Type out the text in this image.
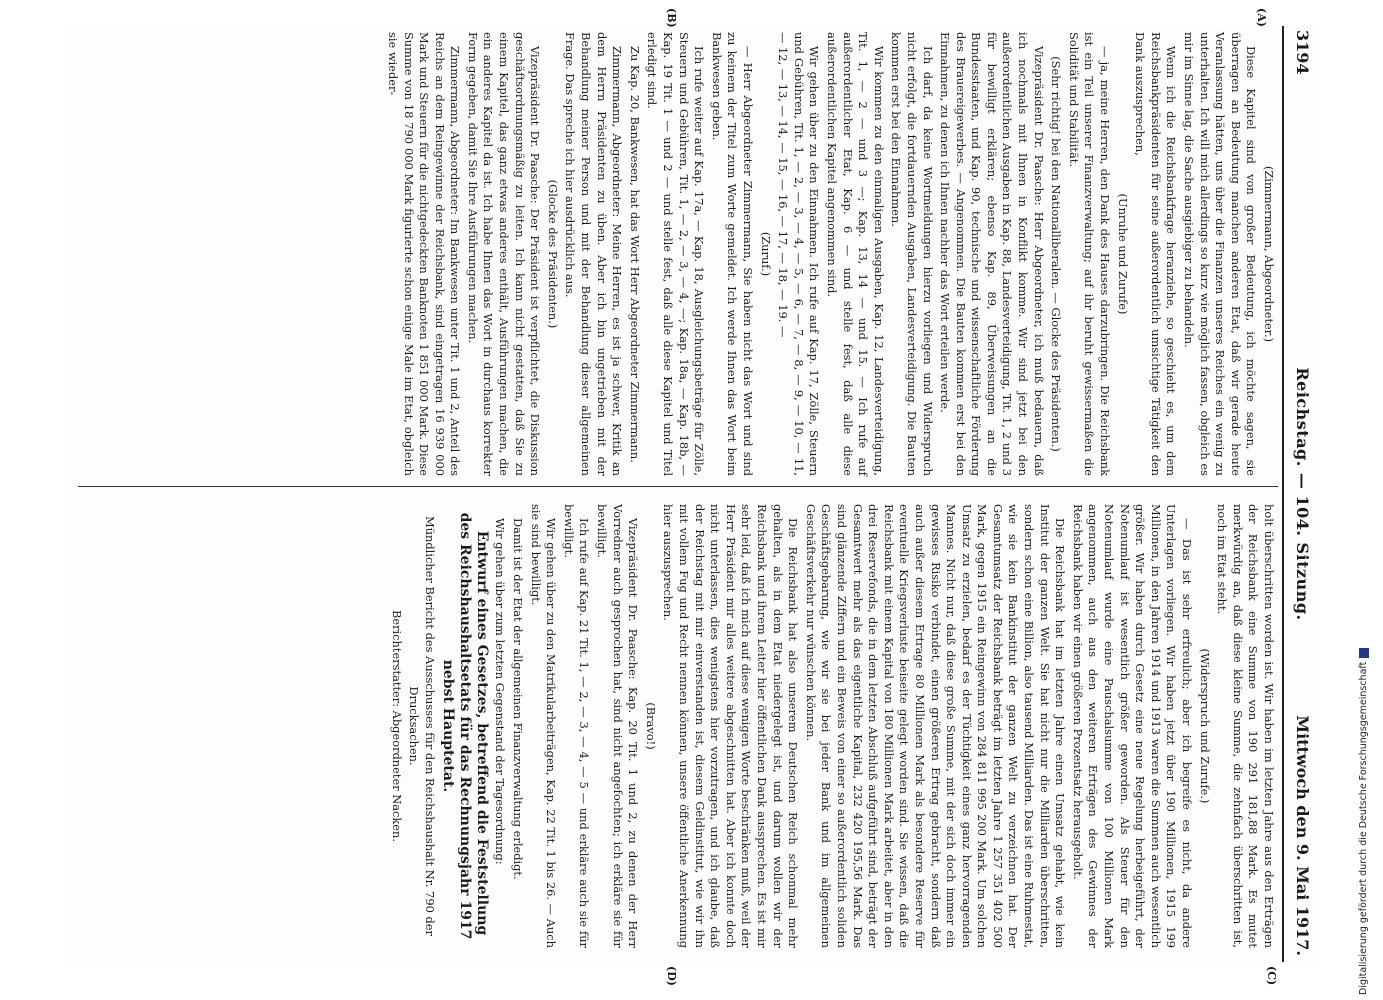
3194
Reichstag. — 104. Sitzung.
Mittwoch den 9. Mai 1917.
(A)
(B)
(C)
(D)

(Zimmermann, Abgeordneter.)

Diese Kapitel sind von großer Bedeutung, ich möchte sagen, sie überragen an Bedeutung manchen anderen Etat, daß wir gerade heute Veranlassung hätten, uns über die Finanzen unseres Reiches ein wenig zu unterhalten. Ich will mich allerdings so kurz wie möglich fassen, obgleich es mir im Sinne lag, die Sache ausgiebiger zu behandeln.

Wenn ich die Reichsbankfrage heranziehe, so geschieht es, um dem Reichsbankpräsidenten für seine außerordentlich umsichtige Tätigkeit den Dank auszusprechen,

(Unruhe und Zurufe)

— ja, meine Herren, den Dank des Hauses darzubringen. Die Reichsbank ist ein Teil unserer Finanzverwaltung; auf ihr beruht gewissermaßen die Solidität und Stabilität.

(Sehr richtig! bei den Nationalliberalen. — Glocke des Präsidenten.)

Vizepräsident Dr. Paasche: Herr Abgeordneter, ich muß bedauern, daß ich nochmals mit Ihnen in Konflikt komme. Wir sind jetzt bei den außerordentlichen Ausgaben in Kap. 88, Landesverteidigung, Tit. 1, 2 und 3 für bewilligt erklären; ebenso Kap. 89, Überweisungen an die Bundesstaaten, und Kap. 90, technische und wissenschaftliche Förderung des Brauereigewerbes. — Angenommen. Die Bauten kommen erst bei den Einnahmen, zu denen ich Ihnen nachher das Wort erteilen werde.

Ich darf, da keine Wortmeldungen hierzu vorliegen und Widerspruch nicht erfolgt, die fortdauernden Ausgaben, Landesverteidigung. Die Bauten kommen erst bei den Einnahmen.

Wir kommen zu den einmaligen Ausgaben, Kap. 12, Landesverteidigung, Tit. 1, — 2 — und 3 —; Kap. 13, 14 — und 15. — Ich rufe auf außerordentlicher Etat, Kap. 6 — und stelle fest, daß alle diese außerordentlichen Kapitel angenommen sind.

Wir gehen über zu den Einnahmen. Ich rufe auf Kap. 17, Zölle, Steuern und Gebühren, Tit. 1, — 2, — 3, — 4, — 5, — 6, — 7, — 8, — 9, — 10, — 11, — 12, — 13, — 14, — 15, — 16, — 17, — 18, — 19. —

(Zuruf.)

— Herr Abgeordneter Zimmermann, Sie haben nicht das Wort und sind zu keinem der Titel zum Worte gemeldet. Ich werde Ihnen das Wort beim Bankwesen geben.

Ich rufe weiter auf Kap. 17a, — Kap. 18, Ausgleichungsbeträge für Zölle, Steuern und Gebühren, Tit. 1, — 2, — 3, — 4, —; Kap. 18a, — Kap. 18b, — Kap. 19 Tit. 1 — und 2 — und stelle fest, daß alle diese Kapitel und Titel erledigt sind.

Zu Kap. 20, Bankwesen, hat das Wort Herr Abgeordneter Zimmermann.

Zimmermann, Abgeordneter: Meine Herren, es ist ja schwer, Kritik an dem Herrn Präsidenten zu üben. Aber ich bin ungetrieben mit der Behandlung meiner Person und mit der Behandlung dieser allgemeinen Frage. Das spreche ich hier ausdrücklich aus.

(Glocke des Präsidenten.)

Vizepräsident Dr. Paasche: Der Präsident ist verpflichtet, die Diskussion geschäftsordnungsmäßig zu leiten. Ich kann nicht gestatten, daß Sie zu einem Kapitel, das ganz etwas anderes enthält, Ausführungen machen, die ein anderes Kapitel da ist. Ich habe Ihnen das Wort in durchaus korrekter Form gegeben, damit Sie Ihre Ausführungen machen.

Zimmermann, Abgeordneter: Im Bankwesen unter Tit. 1 und 2, Anteil des Reichs an dem Reingewinne der Reichsbank, sind eingetragen 16 939 000 Mark und Steuern für die nichtgedeckten Banknoten 1 851 000 Mark. Diese Summe von 18 790 000 Mark figurierte schon einige Male im Etat, obgleich sie wieder-

holt überschritten worden ist. Wir haben im letzten Jahre aus den Erträgen der Reichsbank eine Summe von 190 291 181,88 Mark. Es mutet merkwürdig an, daß diese kleine Summe, die zehnfach überschritten ist, noch im Etat steht.

(Widerspruch und Zurufe.)

— Das ist sehr erfreulich; aber ich begreife es nicht, da andere Unterlagen vorliegen. Wir haben jetzt über 190 Millionen, 1915 199 Millionen, in den Jahren 1914 und 1913 waren die Summen auch wesentlich größer. Wir haben durch Gesetz eine neue Regelung herbeigeführt, der Notenumlauf ist wesentlich größer geworden. Als Steuer für den Notenumlauf wurde eine Pauschalsumme von 100 Millionen Mark angenommen, auch aus den weiteren Erträgen des Gewinnes der Reichsbank haben wir einen größeren Prozentsatz herausgeholt.

Die Reichsbank hat im letzten Jahre einen Umsatz gehabt, wie kein Institut der ganzen Welt. Sie hat nicht nur die Milliarden überschritten, sondern schon eine Billion, also tausend Milliarden. Das ist eine Ruhmestat, wie sie kein Bankinstitut der ganzen Welt zu verzeichnen hat. Der Gesamtumsatz der Reichsbank beträgt im letzten Jahre 1 257 351 402 500 Mark, gegen 1915 ein Reingewinn von 284 811 995 200 Mark. Um solchen Umsatz zu erzielen, bedarf es der Tüchtigkeit eines ganz hervorragenden Mannes. Nicht nur, daß diese große Summe, mit der sich doch immer ein gewisses Risiko verbindet, einen größeren Ertrag gebracht, sondern daß auch außer diesem Ertrage 80 Millionen Mark als besondere Reserve für eventuelle Kriegsverluste beiseite gelegt worden sind. Sie wissen, daß die Reichsbank mit einem Kapital von 180 Millionen Mark arbeitet, aber in den drei Reservefonds, die in dem letzten Abschluß aufgeführt sind, beträgt der Gesamtwert mehr als das eigentliche Kapital, 232 420 195,56 Mark. Das sind glänzende Ziffern und ein Beweis von einer so außerordentlich soliden Geschäftsgebarung, wie wir sie bei jeder Bank und im allgemeinen Geschäftsverkehr nur wünschen können.

Die Reichsbank hat also unserem Deutschen Reich schonmal mehr gehalten, als in dem Etat niedergelegt ist, und darum wollen wir der Reichsbank und ihrem Leiter hier öffentlichen Dank aussprechen. Es ist mir sehr leid, daß ich mich auf diese wenigen Worte beschränken muß, weil der Herr Präsident mir alles weitere abgeschnitten hat. Aber ich konnte doch nicht unterlassen, dies wenigstens hier vorzutragen, und ich glaube, daß der Reichstag mit mir einverstanden ist, diesem Geldinstitut, wie wir ihn mit vollem Fug und Recht nennen können, unsere öffentliche Anerkennung hier auszusprechen.

(Bravo!)

Vizepräsident Dr. Paasche: Kap. 20 Tit. 1 und 2, zu denen der Herr Vorredner auch gesprochen hat, sind nicht angefochten; ich erkläre sie für bewilligt.

Ich rufe auf Kap. 21 Tit. 1, — 2, — 3, — 4, — 5 — und erkläre auch sie für bewilligt.

Wir gehen über zu den Matrikularbeiträgen, Kap. 22 Tit. 1 bis 26. — Auch sie sind bewilligt.

Damit ist der Etat der allgemeinen Finanzverwaltung erledigt.

Wir gehen über zum letzten Gegenstand der Tagesordnung:

Entwurf eines Gesetzes, betreffend die Feststellung des Reichshaushaltsetats für das Rechnungsjahr 1917 nebst Hauptetat.

Mündlicher Bericht des Ausschusses für den Reichshaushalt Nr. 790 der Drucksachen.

Berichterstatter: Abgeordneter Nacken.	Digitalisierung gefördert durch die Deutsche Forschungsgemeinschaft
